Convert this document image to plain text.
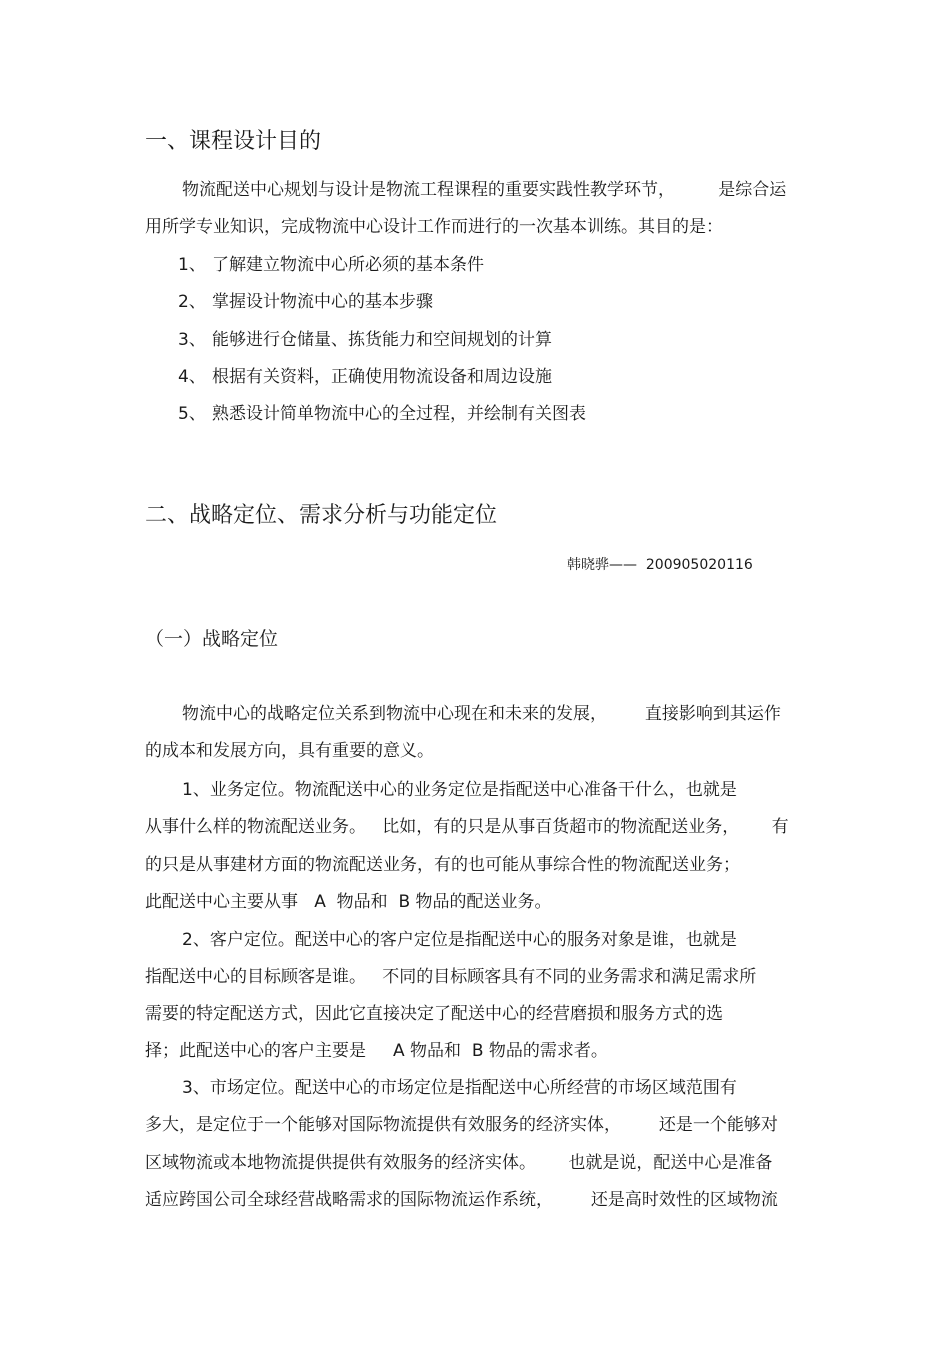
一、课程设计目的
物流配送中心规划与设计是物流工程课程的重要实践性教学环节，        是综合运
用所学专业知识，完成物流中心设计工作而进行的一次基本训练。其目的是：
1、 了解建立物流中心所必须的基本条件
2、 掌握设计物流中心的基本步骤
3、 能够进行仓储量、拣货能力和空间规划的计算
4、 根据有关资料，正确使用物流设备和周边设施
5、 熟悉设计简单物流中心的全过程，并绘制有关图表
二、战略定位、需求分析与功能定位
韩晓骅——  200905020116
（一）战略定位
物流中心的战略定位关系到物流中心现在和未来的发展，       直接影响到其运作
的成本和发展方向，具有重要的意义。
1、业务定位。物流配送中心的业务定位是指配送中心准备干什么，也就是
从事什么样的物流配送业务。   比如，有的只是从事百货超市的物流配送业务，      有
的只是从事建材方面的物流配送业务，有的也可能从事综合性的物流配送业务；
此配送中心主要从事   A  物品和  B 物品的配送业务。
2、客户定位。配送中心的客户定位是指配送中心的服务对象是谁，也就是
指配送中心的目标顾客是谁。   不同的目标顾客具有不同的业务需求和满足需求所
需要的特定配送方式，因此它直接决定了配送中心的经营磨损和服务方式的选
择；此配送中心的客户主要是     A 物品和  B 物品的需求者。
3、市场定位。配送中心的市场定位是指配送中心所经营的市场区域范围有
多大，是定位于一个能够对国际物流提供有效服务的经济实体，       还是一个能够对
区域物流或本地物流提供提供有效服务的经济实体。      也就是说，配送中心是准备
适应跨国公司全球经营战略需求的国际物流运作系统，       还是高时效性的区域物流
